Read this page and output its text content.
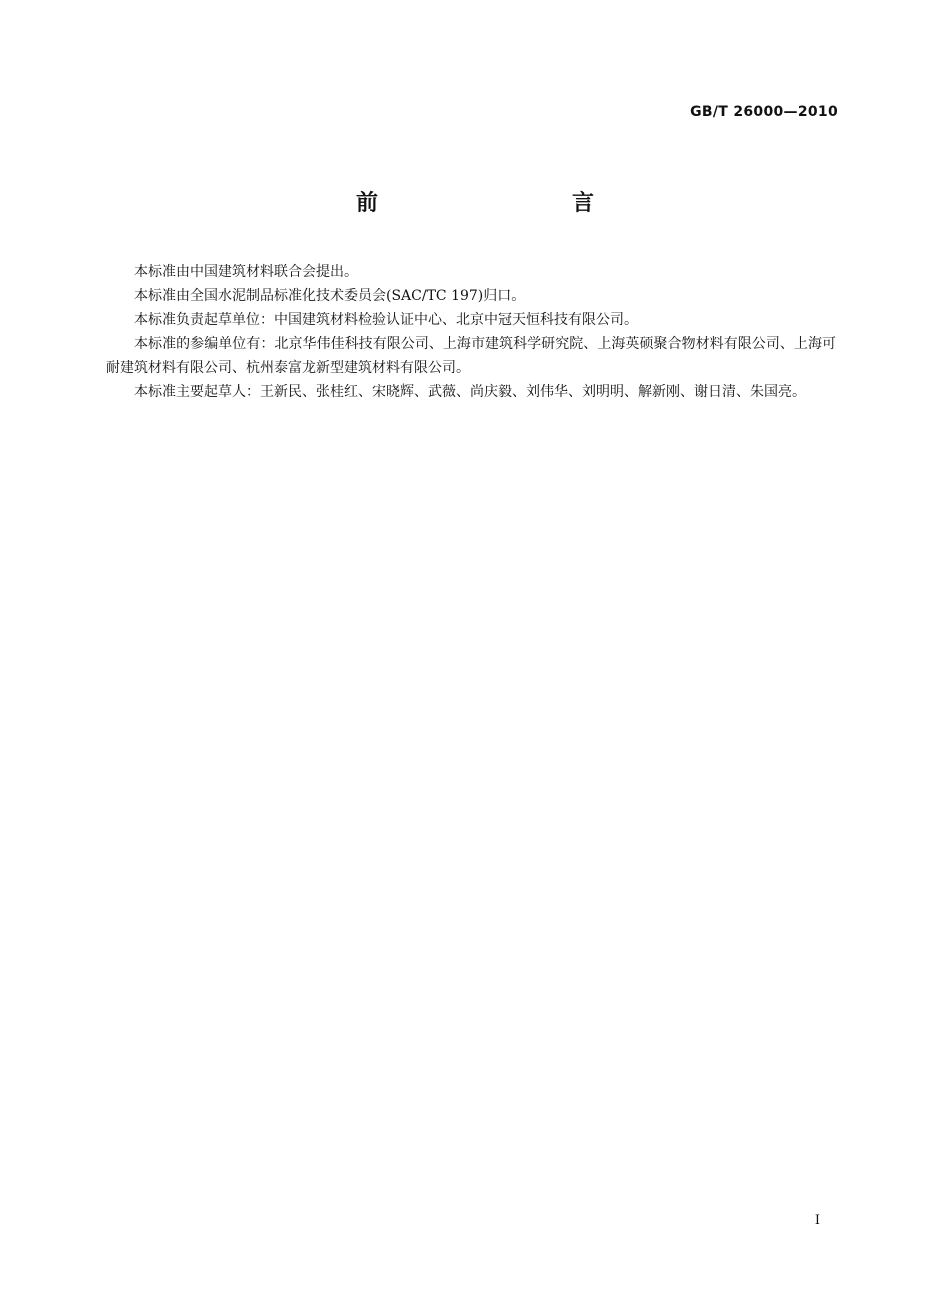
GB/T 26000—2010
前　　言

本标准由中国建筑材料联合会提出。

本标准由全国水泥制品标准化技术委员会(SAC/TC 197)归口。

本标准负责起草单位：中国建筑材料检验认证中心、北京中冠天恒科技有限公司。

本标准的参编单位有：北京华伟佳科技有限公司、上海市建筑科学研究院、上海英硕聚合物材料有限公司、上海可耐建筑材料有限公司、杭州泰富龙新型建筑材料有限公司。

本标准主要起草人：王新民、张桂红、宋晓辉、武薇、尚庆毅、刘伟华、刘明明、解新刚、谢日清、朱国亮。

I
